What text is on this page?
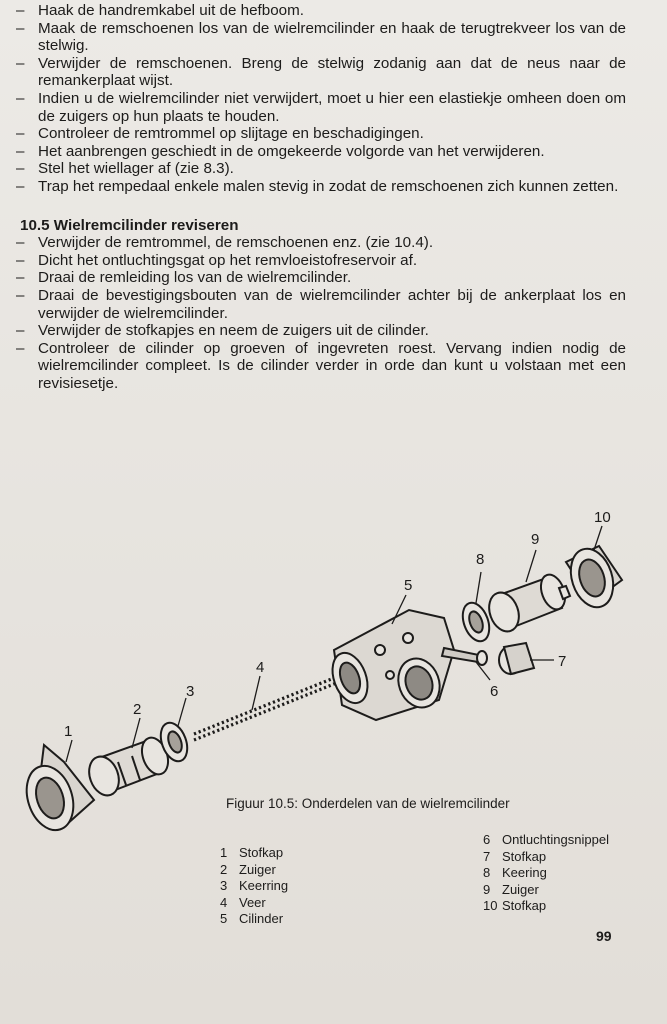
– Haak de handremkabel uit de hefboom.
– Maak de remschoenen los van de wielremcilinder en haak de terugtrekveer los van de stelwig.
– Verwijder de remschoenen. Breng de stelwig zodanig aan dat de neus naar de remankerplaat wijst.
– Indien u de wielremcilinder niet verwijdert, moet u hier een elastiekje omheen doen om de zuigers op hun plaats te houden.
– Controleer de remtrommel op slijtage en beschadigingen.
– Het aanbrengen geschiedt in de omgekeerde volgorde van het verwijderen.
– Stel het wiellager af (zie 8.3).
– Trap het rempedaal enkele malen stevig in zodat de remschoenen zich kunnen zetten.
10.5 Wielremcilinder reviseren
– Verwijder de remtrommel, de remschoenen enz. (zie 10.4).
– Dicht het ontluchtingsgat op het remvloeistofreservoir af.
– Draai de remleiding los van de wielremcilinder.
– Draai de bevestigingsbouten van de wielremcilinder achter bij de ankerplaat los en verwijder de wielremcilinder.
– Verwijder de stofkapjes en neem de zuigers uit de cilinder.
– Controleer de cilinder op groeven of ingevreten roest. Vervang indien nodig de wielremcilinder compleet. Is de cilinder verder in orde dan kunt u volstaan met een revisiesetje.
1
2
3
4
5
6
7
8
9
10
Figuur 10.5: Onderdelen van de wielremcilinder
1 Stofkap
2 Zuiger
3 Keerring
4 Veer
5 Cilinder
6 Ontluchtingsnippel
7 Stofkap
8 Keering
9 Zuiger
10 Stofkap
99
